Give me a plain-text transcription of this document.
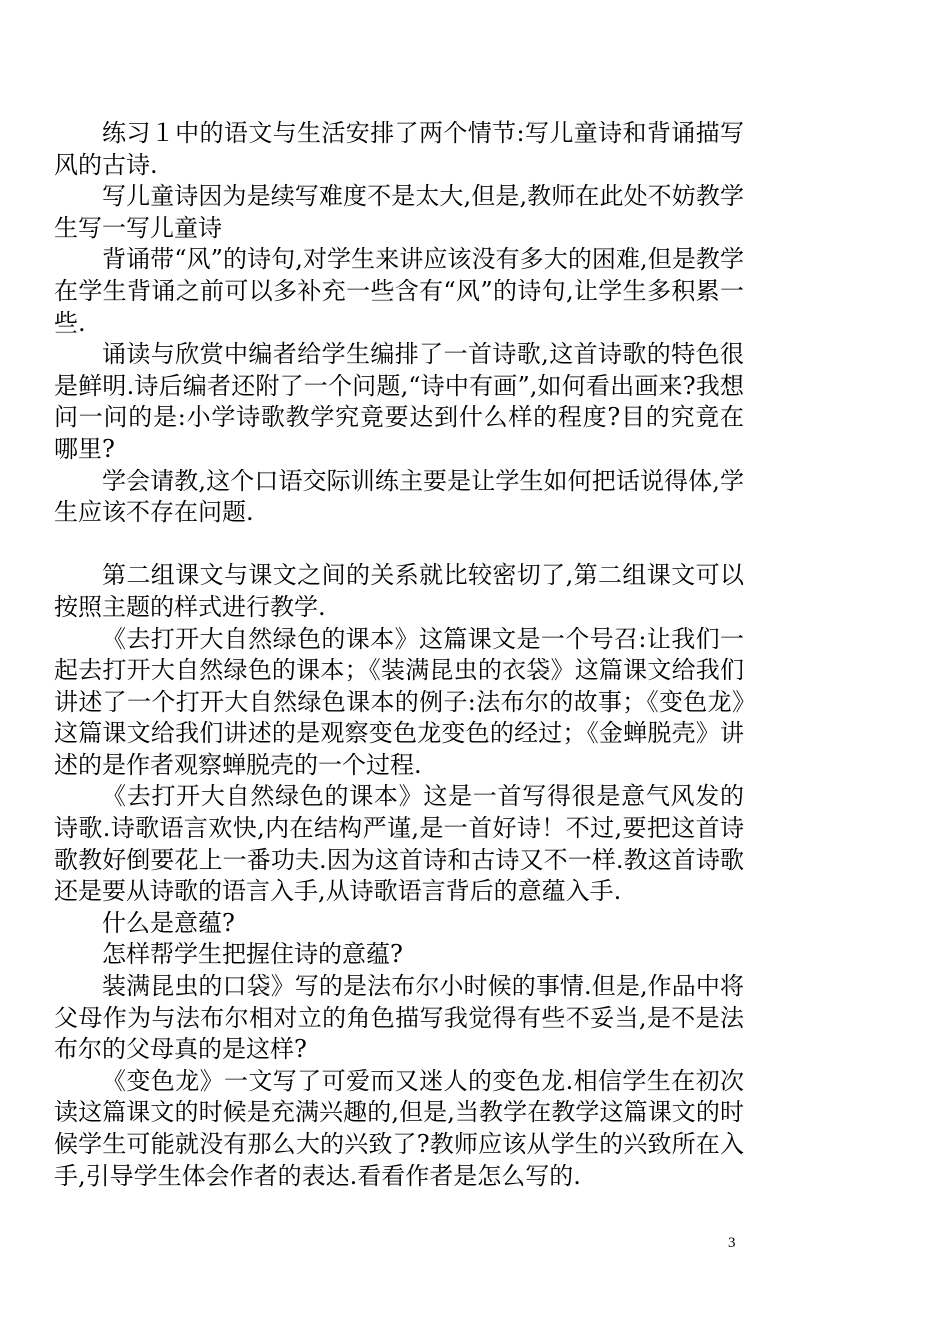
练习１中的语文与生活安排了两个情节:写儿童诗和背诵描写风的古诗.

写儿童诗因为是续写难度不是太大,但是,教师在此处不妨教学生写一写儿童诗

背诵带“风”的诗句,对学生来讲应该没有多大的困难,但是教学在学生背诵之前可以多补充一些含有“风”的诗句,让学生多积累一些.

诵读与欣赏中编者给学生编排了一首诗歌,这首诗歌的特色很是鲜明.诗后编者还附了一个问题,“诗中有画”,如何看出画来?我想问一问的是:小学诗歌教学究竟要达到什么样的程度?目的究竟在哪里?

学会请教,这个口语交际训练主要是让学生如何把话说得体,学生应该不存在问题.

第二组课文与课文之间的关系就比较密切了,第二组课文可以按照主题的样式进行教学.

《去打开大自然绿色的课本》这篇课文是一个号召:让我们一起去打开大自然绿色的课本；《装满昆虫的衣袋》这篇课文给我们讲述了一个打开大自然绿色课本的例子:法布尔的故事；《变色龙》这篇课文给我们讲述的是观察变色龙变色的经过；《金蝉脱壳》讲述的是作者观察蝉脱壳的一个过程.

《去打开大自然绿色的课本》这是一首写得很是意气风发的诗歌.诗歌语言欢快,内在结构严谨,是一首好诗！不过,要把这首诗歌教好倒要花上一番功夫.因为这首诗和古诗又不一样.教这首诗歌还是要从诗歌的语言入手,从诗歌语言背后的意蕴入手.

什么是意蕴?

怎样帮学生把握住诗的意蕴?

装满昆虫的口袋》写的是法布尔小时候的事情.但是,作品中将父母作为与法布尔相对立的角色描写我觉得有些不妥当,是不是法布尔的父母真的是这样?

《变色龙》一文写了可爱而又迷人的变色龙.相信学生在初次读这篇课文的时候是充满兴趣的,但是,当教学在教学这篇课文的时候学生可能就没有那么大的兴致了?教师应该从学生的兴致所在入手,引导学生体会作者的表达.看看作者是怎么写的.

3
